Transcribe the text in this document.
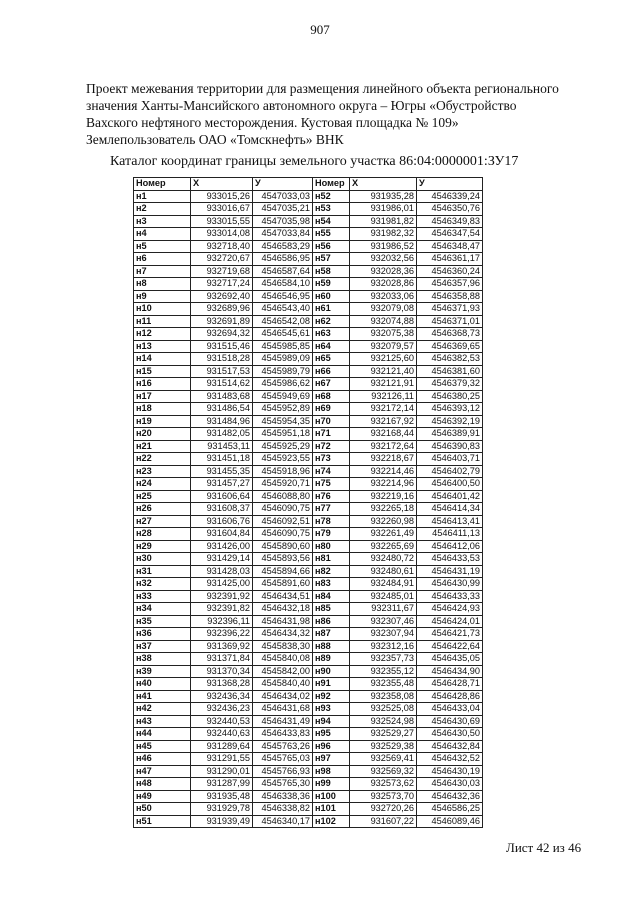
907

Проект межевания территории для размещения линейного объекта регионального

значения Ханты-Мансийского автономного округа – Югры «Обустройство

Вахского нефтяного месторождения. Кустовая площадка № 109»

Землепользователь ОАО «Томскнефть» ВНК

Каталог координат границы земельного участка 86:04:0000001:ЗУ17
Номер	X	У	Номер	X	У
н1	933015,26	4547033,03	н52	931935,28	4546339,24
н2	933016,67	4547035,21	н53	931986,01	4546350,76
н3	933015,55	4547035,98	н54	931981,82	4546349,83
н4	933014,08	4547033,84	н55	931982,32	4546347,54
н5	932718,40	4546583,29	н56	931986,52	4546348,47
н6	932720,67	4546586,95	н57	932032,56	4546361,17
н7	932719,68	4546587,64	н58	932028,36	4546360,24
н8	932717,24	4546584,10	н59	932028,86	4546357,96
н9	932692,40	4546546,95	н60	932033,06	4546358,88
н10	932689,96	4546543,40	н61	932079,08	4546371,93
н11	932691,89	4546542,08	н62	932074,88	4546371,01
н12	932694,32	4546545,61	н63	932075,38	4546368,73
н13	931515,46	4545985,85	н64	932079,57	4546369,65
н14	931518,28	4545989,09	н65	932125,60	4546382,53
н15	931517,53	4545989,79	н66	932121,40	4546381,60
н16	931514,62	4545986,62	н67	932121,91	4546379,32
н17	931483,68	4545949,69	н68	932126,11	4546380,25
н18	931486,54	4545952,89	н69	932172,14	4546393,12
н19	931484,96	4545954,35	н70	932167,92	4546392,19
н20	931482,05	4545951,18	н71	932168,44	4546389,91
н21	931453,11	4545925,29	н72	932172,64	4546390,83
н22	931451,18	4545923,55	н73	932218,67	4546403,71
н23	931455,35	4545918,96	н74	932214,46	4546402,79
н24	931457,27	4545920,71	н75	932214,96	4546400,50
н25	931606,64	4546088,80	н76	932219,16	4546401,42
н26	931608,37	4546090,75	н77	932265,18	4546414,34
н27	931606,76	4546092,51	н78	932260,98	4546413,41
н28	931604,84	4546090,75	н79	932261,49	4546411,13
н29	931426,00	4545890,60	н80	932265,69	4546412,06
н30	931429,14	4545893,56	н81	932480,72	4546433,53
н31	931428,03	4545894,66	н82	932480,61	4546431,19
н32	931425,00	4545891,60	н83	932484,91	4546430,99
н33	932391,92	4546434,51	н84	932485,01	4546433,33
н34	932391,82	4546432,18	н85	932311,67	4546424,93
н35	932396,11	4546431,98	н86	932307,46	4546424,01
н36	932396,22	4546434,32	н87	932307,94	4546421,73
н37	931369,92	4545838,30	н88	932312,16	4546422,64
н38	931371,84	4545840,08	н89	932357,73	4546435,05
н39	931370,34	4545842,00	н90	932355,12	4546434,90
н40	931368,28	4545840,40	н91	932355,48	4546428,71
н41	932436,34	4546434,02	н92	932358,08	4546428,86
н42	932436,23	4546431,68	н93	932525,08	4546433,04
н43	932440,53	4546431,49	н94	932524,98	4546430,69
н44	932440,63	4546433,83	н95	932529,27	4546430,50
н45	931289,64	4545763,26	н96	932529,38	4546432,84
н46	931291,55	4545765,03	н97	932569,41	4546432,52
н47	931290,01	4545766,93	н98	932569,32	4546430,19
н48	931287,99	4545765,30	н99	932573,62	4546430,03
н49	931935,48	4546338,36	н100	932573,70	4546432,36
н50	931929,78	4546338,82	н101	932720,26	4546586,25
н51	931939,49	4546340,17	н102	931607,22	4546089,46
Лист 42 из 46
